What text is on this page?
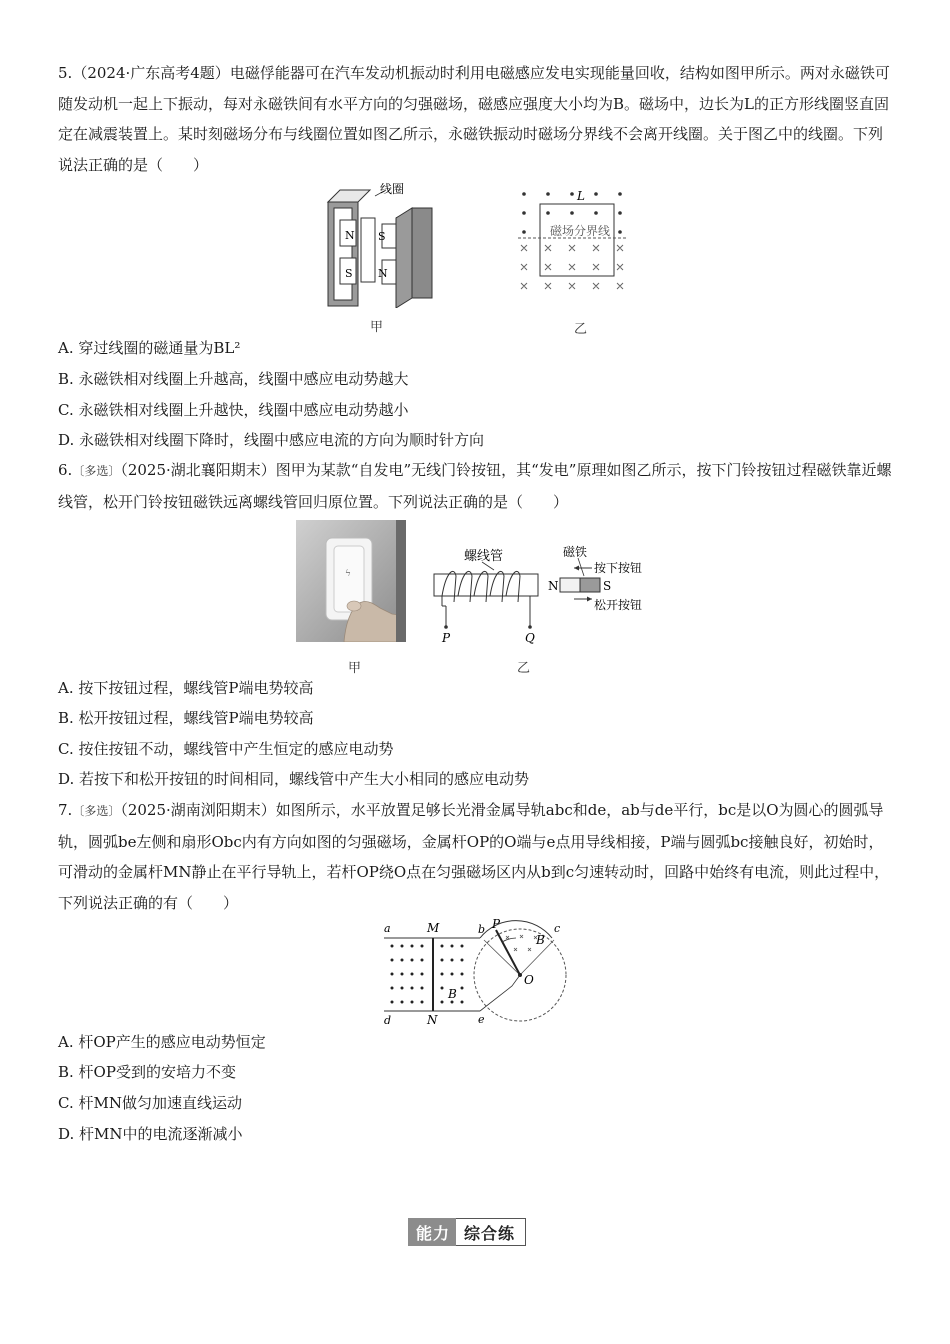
5.（2024·广东高考4题）电磁俘能器可在汽车发动机振动时利用电磁感应发电实现能量回收，结构如图甲所示。两对永磁铁可随发动机一起上下振动，每对永磁铁间有水平方向的匀强磁场，磁感应强度大小均为B。磁场中，边长为L的正方形线圈竖直固定在减震装置上。某时刻磁场分布与线圈位置如图乙所示，永磁铁振动时磁场分界线不会离开线圈。关于图乙中的线圈。下列说法正确的是（　　）

N
S
线圈
S
N
甲
L
磁场分界线
乙
A. 穿过线圈的磁通量为BL²
B. 永磁铁相对线圈上升越高，线圈中感应电动势越大
C. 永磁铁相对线圈上升越快，线圈中感应电动势越小
D. 永磁铁相对线圈下降时，线圈中感应电流的方向为顺时针方向

6.〔多选〕（2025·湖北襄阳期末）图甲为某款“自发电”无线门铃按钮，其“发电”原理如图乙所示，按下门铃按钮过程磁铁靠近螺线管，松开门铃按钮磁铁远离螺线管回归原位置。下列说法正确的是（　　）

ϟ
甲
螺线管
P	Q
N	S
磁铁
按下按钮
松开按钮
乙
A. 按下按钮过程，螺线管P端电势较高
B. 松开按钮过程，螺线管P端电势较高
C. 按住按钮不动，螺线管中产生恒定的感应电动势
D. 若按下和松开按钮的时间相同，螺线管中产生大小相同的感应电动势

7.〔多选〕（2025·湖南浏阳期末）如图所示，水平放置足够长光滑金属导轨abc和de，ab与de平行，bc是以O为圆心的圆弧导轨，圆弧be左侧和扇形Obc内有方向如图的匀强磁场，金属杆OP的O端与e点用导线相接，P端与圆弧bc接触良好，初始时，可滑动的金属杆MN静止在平行导轨上，若杆OP绕O点在匀强磁场区内从b到c匀速转动时，回路中始终有电流，则此过程中，下列说法正确的有（　　）

a
d
M
N
b
e
B
P
O
B
c
A. 杆OP产生的感应电动势恒定
B. 杆OP受到的安培力不变
C. 杆MN做匀加速直线运动
D. 杆MN中的电流逐渐减小
能力 综合练
